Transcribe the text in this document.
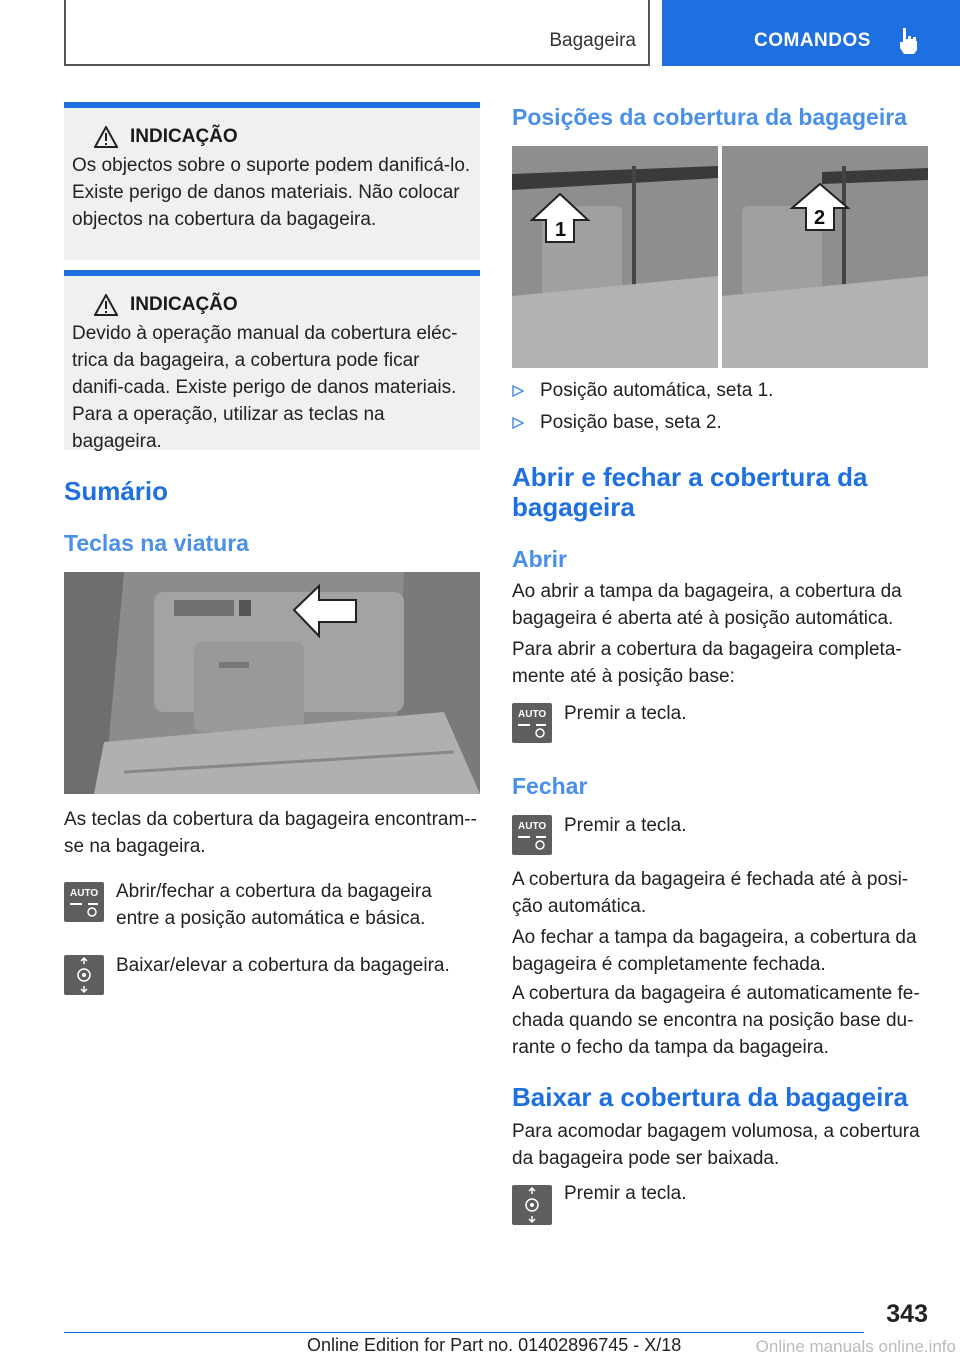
Bagageira	COMANDOS
INDICAÇÃO
Os objectos sobre o suporte podem danificá-lo. Existe perigo de danos materiais. Não colocar objectos na cobertura da bagageira.
INDICAÇÃO
Devido à operação manual da cobertura eléc-trica da bagageira, a cobertura pode ficar danifi-cada. Existe perigo de danos materiais. Para a operação, utilizar as teclas na bagageira.
Sumário
Teclas na viatura
As teclas da cobertura da bagageira encontram--se na bagageira.
AUTO Abrir/fechar a cobertura da bagageira entre a posição automática e básica.
Baixar/elevar a cobertura da bagageira.
Posições da cobertura da bagageira
1
2
Posição automática, seta 1.
Posição base, seta 2.
Abrir e fechar a cobertura da bagageira
Abrir
Ao abrir a tampa da bagageira, a cobertura da bagageira é aberta até à posição automática.
Para abrir a cobertura da bagageira completa-mente até à posição base:
AUTO Premir a tecla.
Fechar
AUTO Premir a tecla.
A cobertura da bagageira é fechada até à posi-ção automática.
Ao fechar a tampa da bagageira, a cobertura da bagageira é completamente fechada.
A cobertura da bagageira é automaticamente fe-chada quando se encontra na posição base du-rante o fecho da tampa da bagageira.
Baixar a cobertura da bagageira
Para acomodar bagagem volumosa, a cobertura da bagageira pode ser baixada.
Premir a tecla.
343
Online Edition for Part no. 01402896745 - X/18	Online manuals online.info
